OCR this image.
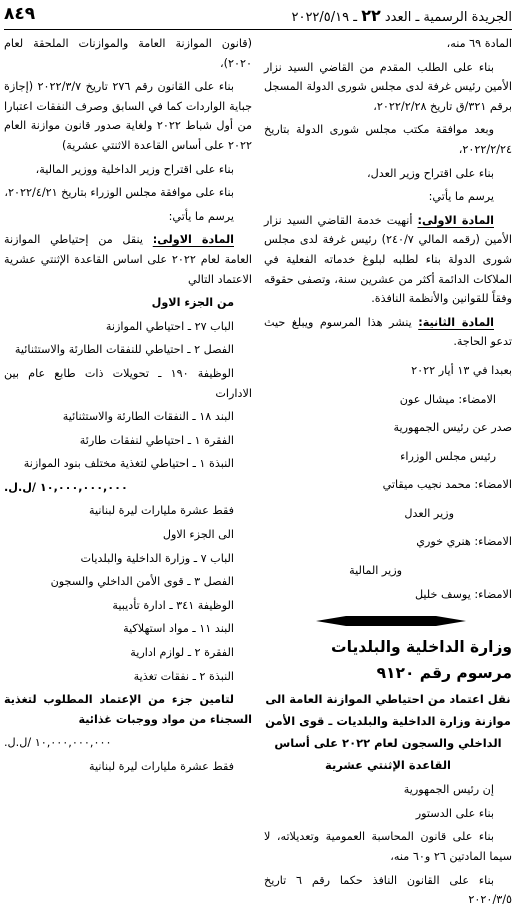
الجريدة الرسمية ـ العدد ٢٢ ـ ٢٠٢٢/٥/١٩
٨٤٩

المادة ٦٩ منه،

بناء على الطلب المقدم من القاضي السيد نزار الأمين رئيس غرفة لدى مجلس شورى الدولة المسجل برقم ٣٢١/ق تاريخ ٢٠٢٢/٢/٢٨،

وبعد موافقة مكتب مجلس شورى الدولة بتاريخ ٢٠٢٢/٢/٢٤،

بناء على اقتراح وزير العدل،

يرسم ما يأتي:

المادة الاولى: أنهيت خدمة القاضي السيد نزار الأمين (رقمه المالي ٢٤٠/٧) رئيس غرفة لدى مجلس شورى الدولة بناء لطلبه لبلوغ خدماته الفعلية في الملاكات الدائمة أكثر من عشرين سنة، وتصفى حقوقه وفقاً للقوانين والأنظمة النافذة.

المادة الثانية: ينشر هذا المرسوم ويبلغ حيث تدعو الحاجة.

بعبدا في ١٣ أيار ٢٠٢٢

الامضاء: ميشال عون

صدر عن رئيس الجمهورية

رئيس مجلس الوزراء

الامضاء: محمد نجيب ميقاتي

وزير العدل

الامضاء: هنري خوري

وزير المالية

الامضاء: يوسف خليل

وزارة الداخلية والبلديات

مرسوم رقم ٩١٢٠

نقل اعتماد من احتياطي الموازنة العامة الى موازنة وزارة الداخلية والبلديات ـ قوى الأمن الداخلي والسجون لعام ٢٠٢٢ على أساس القاعدة الإثنتي عشرية

إن رئيس الجمهورية

بناء على الدستور

بناء على قانون المحاسبة العمومية وتعديلاته، لا سيما المادتين ٢٦ و٦٠ منه،

بناء على القانون النافذ حكما رقم ٦ تاريخ ٢٠٢٠/٣/٥

(قانون الموازنة العامة والموازنات الملحقة لعام ٢٠٢٠)،

بناء على القانون رقم ٢٧٦ تاريخ ٢٠٢٢/٣/٧ (إجازة جباية الواردات كما في السابق وصرف النفقات اعتبارا من أول شباط ٢٠٢٢ ولغاية صدور قانون موازنة العام ٢٠٢٢ على أساس القاعدة الاثنتي عشرية)

بناء على اقتراح وزير الداخلية ووزير المالية،

بناء على موافقة مجلس الوزراء بتاريخ ٢٠٢٢/٤/٢١،

يرسم ما يأتي:

المادة الاولى: ينقل من إحتياطي الموازنة العامة لعام ٢٠٢٢ على اساس القاعدة الإثنتي عشرية الاعتماد التالي

من الجزء الاول

الباب ٢٧ ـ احتياطي الموازنة

الفصل ٢ ـ احتياطي للنفقات الطارئة والاستثنائية

الوظيفة ١٩٠ ـ تحويلات ذات طابع عام بين الادارات

البند ١٨ ـ النفقات الطارئة والاستثنائية

الفقرة ١ ـ احتياطي لنفقات طارئة

النبذة ١ ـ احتياطي لتغذية مختلف بنود الموازنة

١٠,٠٠٠,٠٠٠,٠٠٠ /ل.ل.

فقط عشرة مليارات ليرة لبنانية

الى الجزء الاول

الباب ٧ ـ وزارة الداخلية والبلديات

الفصل ٣ ـ قوى الأمن الداخلي والسجون

الوظيفة ٣٤١ ـ ادارة تأديبية

البند ١١ ـ مواد استهلاكية

الفقرة ٢ ـ لوازم ادارية

النبذة ٢ ـ نفقات تغذية

لتامين جزء من الإعتماد المطلوب لتغذية السجناء من مواد ووجبات غذائية

١٠,٠٠٠,٠٠٠,٠٠٠ /ل.ل.

فقط عشرة مليارات ليرة لبنانية
